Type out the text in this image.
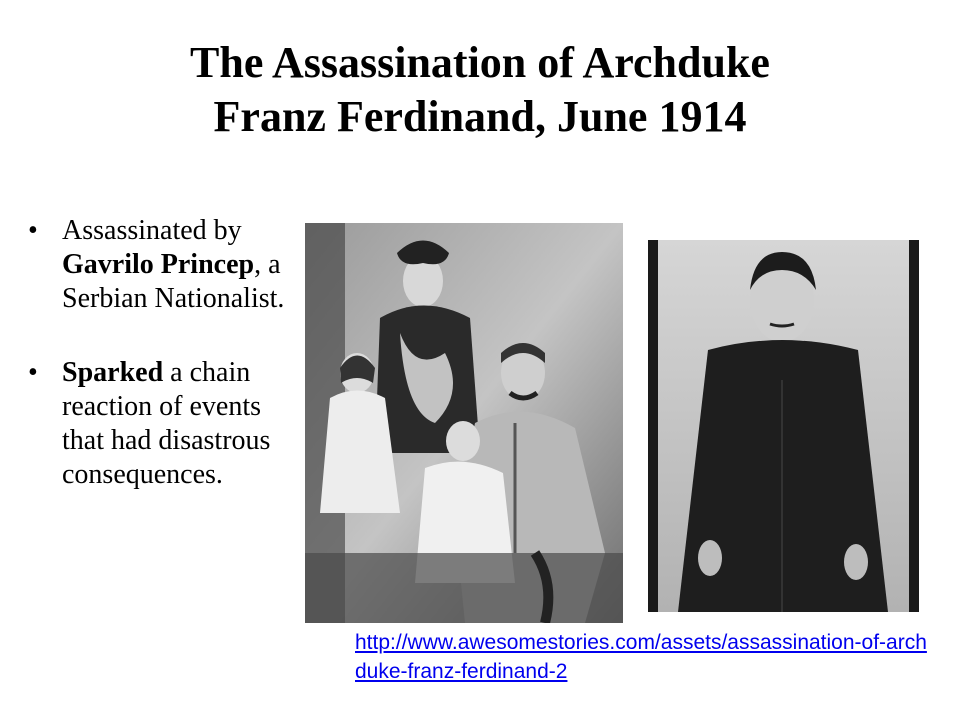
The Assassination of Archduke
Franz Ferdinand, June 1914
• Assassinated by Gavrilo Princep, a Serbian Nationalist.
• Sparked a chain reaction of events that had disastrous consequences.
http://www.awesomestories.com/assets/assassination-of-archduke-franz-ferdinand-2
